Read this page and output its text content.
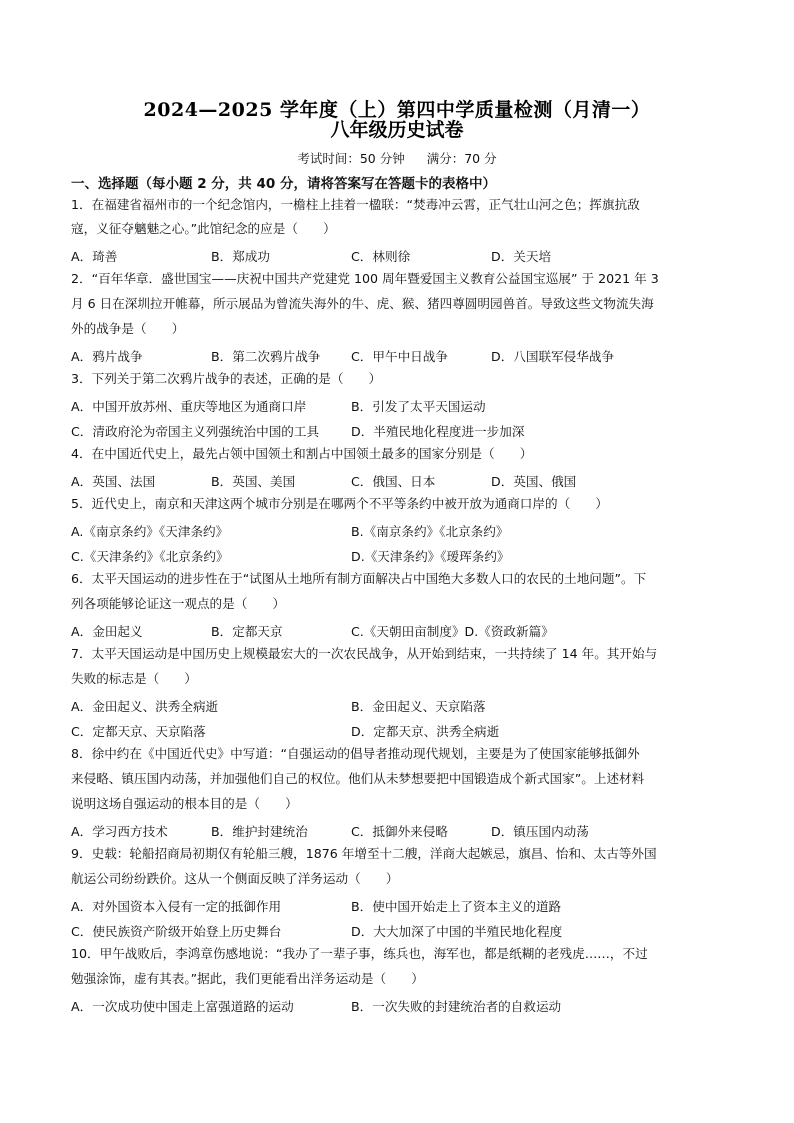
2024—2025 学年度（上）第四中学质量检测（月清一）
八年级历史试卷
考试时间：50 分钟 满分：70 分
一、选择题（每小题 2 分，共 40 分，请将答案写在答题卡的表格中）
1．在福建省福州市的一个纪念馆内，一檐柱上挂着一楹联：“焚毒冲云霄，正气壮山河之色；挥旗抗敌
寇，义征夺魑魅之心。”此馆纪念的应是（　　）
A．琦善	B．郑成功	C．林则徐	D．关天培
2．“百年华章．盛世国宝——庆祝中国共产党建党 100 周年暨爱国主义教育公益国宝巡展” 于 2021 年 3
月 6 日在深圳拉开帷幕，所示展品为曾流失海外的牛、虎、猴、猪四尊圆明园兽首。导致这些文物流失海
外的战争是（　　）
A．鸦片战争	B．第二次鸦片战争 C．甲午中日战争	D．八国联军侵华战争
3．下列关于第二次鸦片战争的表述，正确的是（　　）
A．中国开放苏州、重庆等地区为通商口岸	B．引发了太平天国运动
C．清政府沦为帝国主义列强统治中国的工具	D．半殖民地化程度进一步加深
4．在中国近代史上，最先占领中国领土和割占中国领土最多的国家分别是（　　）
A．英国、法国	B．英国、美国	C．俄国、日本	D．英国、俄国
5．近代史上，南京和天津这两个城市分别是在哪两个不平等条约中被开放为通商口岸的（　　）
A.《南京条约》《天津条约》	B.《南京条约》《北京条约》
C.《天津条约》《北京条约》	D.《天津条约》《瑷珲条约》
6．太平天国运动的进步性在于“试图从土地所有制方面解决占中国绝大多数人口的农民的土地问题”。下
列各项能够论证这一观点的是（　　）
A．金田起义	B．定都天京	C.《天朝田亩制度》D.《资政新篇》
7．太平天国运动是中国历史上规模最宏大的一次农民战争，从开始到结束，一共持续了 14 年。其开始与
失败的标志是（　　）
A．金田起义、洪秀全病逝	B．金田起义、天京陷落
C．定都天京、天京陷落	D．定都天京、洪秀全病逝
8．徐中约在《中国近代史》中写道：“自强运动的倡导者推动现代规划，主要是为了使国家能够抵御外
来侵略、镇压国内动荡，并加强他们自己的权位。他们从未梦想要把中国锻造成个新式国家”。上述材料
说明这场自强运动的根本目的是（　　）
A．学习西方技术	B．维护封建统治	C．抵御外来侵略	D．镇压国内动荡
9．史载：轮船招商局初期仅有轮船三艘，1876 年增至十二艘，洋商大起嫉忌，旗昌、怡和、太古等外国
航运公司纷纷跌价。这从一个侧面反映了洋务运动（　　）
A．对外国资本入侵有一定的抵御作用	B．使中国开始走上了资本主义的道路
C．使民族资产阶级开始登上历史舞台	D．大大加深了中国的半殖民地化程度
10．甲午战败后，李鸿章伤感地说：“我办了一辈子事，练兵也，海军也，都是纸糊的老残虎……，不过
勉强涂饰，虚有其表。”据此，我们更能看出洋务运动是（　　）
A．一次成功使中国走上富强道路的运动	B．一次失败的封建统治者的自救运动
